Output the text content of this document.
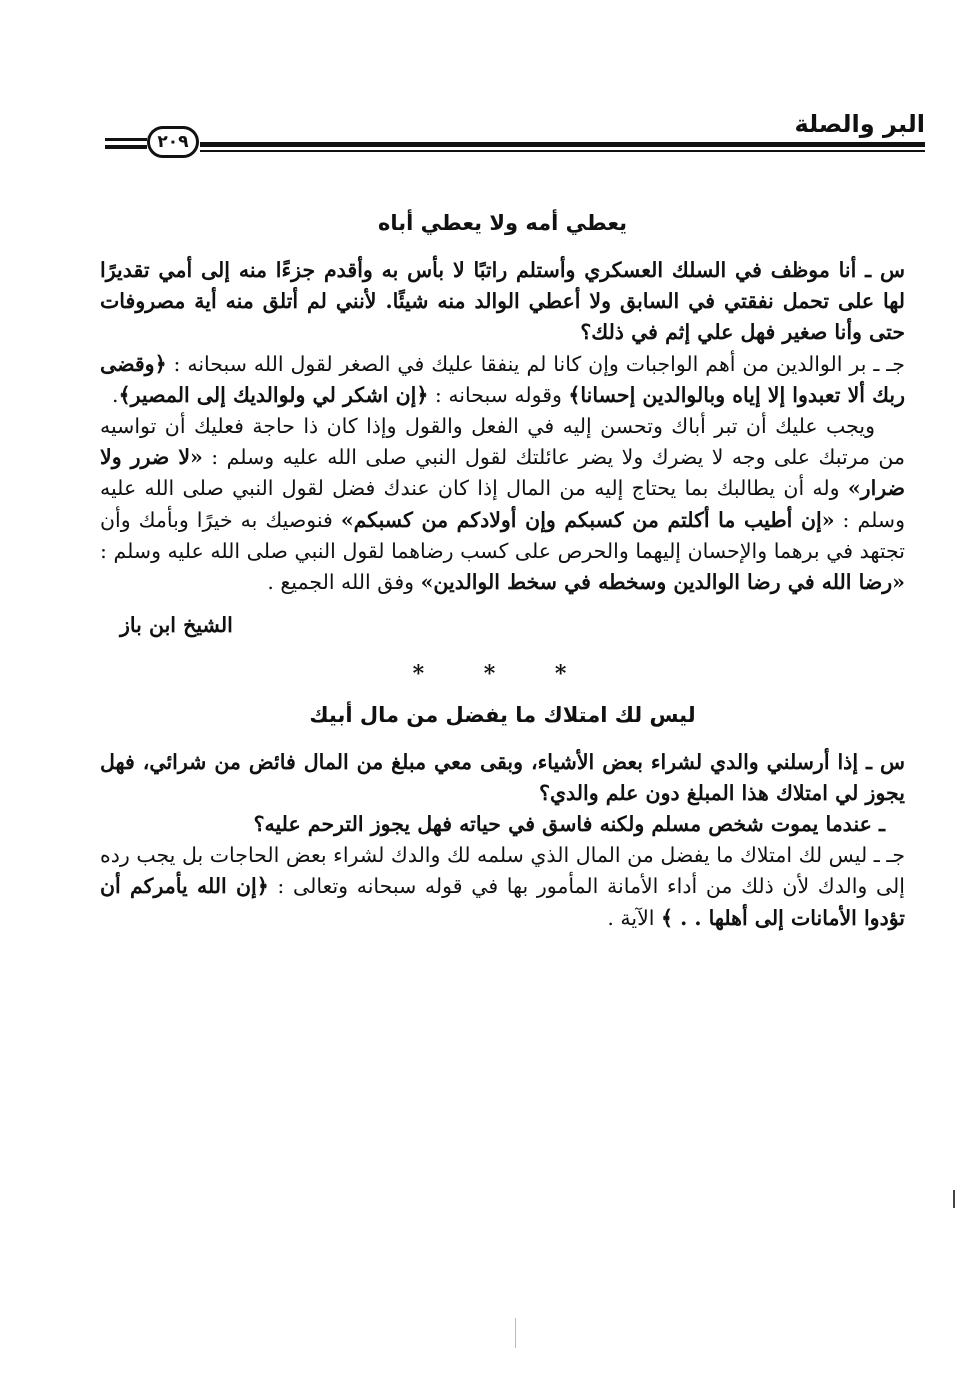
٢٠٩
البر والصلة
يعطي أمه ولا يعطي أباه

س ـ أنا موظف في السلك العسكري وأستلم راتبًا لا بأس به وأقدم جزءًا منه إلى أمي تقديرًا لها على تحمل نفقتي في السابق ولا أعطي الوالد منه شيئًا. لأنني لم أتلق منه أية مصروفات حتى وأنا صغير فهل علي إثم في ذلك؟

جـ ـ بر الوالدين من أهم الواجبات وإن كانا لم ينفقا عليك في الصغر لقول الله سبحانه : ﴿وقضى ربك ألا تعبدوا إلا إياه وبالوالدين إحسانا﴾ وقوله سبحانه : ﴿إن اشكر لي ولوالديك إلى المصير﴾.

ويجب عليك أن تبر أباك وتحسن إليه في الفعل والقول وإذا كان ذا حاجة فعليك أن تواسيه من مرتبك على وجه لا يضرك ولا يضر عائلتك لقول النبي صلى الله عليه وسلم : «لا ضرر ولا ضرار» وله أن يطالبك بما يحتاج إليه من المال إذا كان عندك فضل لقول النبي صلى الله عليه وسلم : «إن أطيب ما أكلتم من كسبكم وإن أولادكم من كسبكم» فنوصيك به خيرًا وبأمك وأن تجتهد في برهما والإحسان إليهما والحرص على كسب رضاهما لقول النبي صلى الله عليه وسلم : «رضا الله في رضا الوالدين وسخطه في سخط الوالدين» وفق الله الجميع .

الشيخ ابن باز

* * *
ليس لك امتلاك ما يفضل من مال أبيك

س ـ إذا أرسلني والدي لشراء بعض الأشياء، وبقى معي مبلغ من المال فائض من شرائي، فهل يجوز لي امتلاك هذا المبلغ دون علم والدي؟

ـ عندما يموت شخص مسلم ولكنه فاسق في حياته فهل يجوز الترحم عليه؟

جـ ـ ليس لك امتلاك ما يفضل من المال الذي سلمه لك والدك لشراء بعض الحاجات بل يجب رده إلى والدك لأن ذلك من أداء الأمانة المأمور بها في قوله سبحانه وتعالى : ﴿إن الله يأمركم أن تؤدوا الأمانات إلى أهلها . . ﴾ الآية .
